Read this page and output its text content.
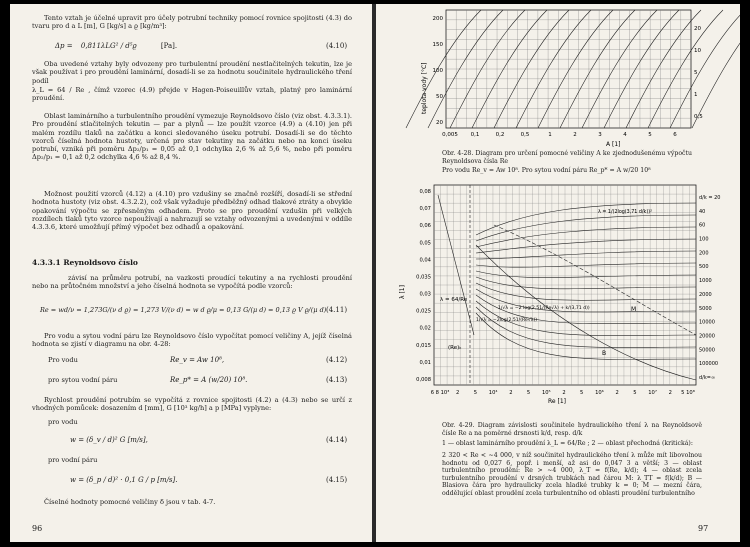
Tento vztah je účelné upravit pro účely potrubní techniky pomocí rovnice spojitosti (4.3) do tvaru pro d a L [m], G [kg/s] a ϱ [kg/m³]:
Δp = 0,811λLG² / d⁵ϱ	[Pa].	(4.10)
Oba uvedené vztahy byly odvozeny pro turbulentní proudění nestlačitelných tekutin, lze je však používat i pro proudění laminární, dosadí-li se za hodnotu součinitele hydraulického tření podíl
λ_L = 64 / Re , čímž vzorec (4.9) přejde v Hagen-Poiseuillův vztah, platný pro laminární proudění.
Oblast laminárního a turbulentního proudění vymezuje Reynoldsovo číslo (viz obst. 4.3.3.1). Pro proudění stlačitelných tekutin — par a plynů — lze použít vzorce (4.9) a (4.10) jen při malém rozdílu tlaků na začátku a konci sledovaného úseku potrubí. Dosadí-li se do těchto vzorců číselná hodnota hustoty, určená pro stav tekutiny na začátku nebo na konci úseku potrubí, vzniká při poměru Δp₂/p₁ = 0,05 až 0,1 odchylka 2,6 % až 5,6 %, nebo při poměru Δp₂/p₁ = 0,1 až 0,2 odchylka 4,6 % až 8,4 %.
Možnost použití vzorců (4.12) a (4.10) pro vzdušiny se značně rozšíří, dosadí-li se střední hodnota hustoty (viz obst. 4.3.2.2), což však vyžaduje předběžný odhad tlakové ztráty a obvykle opakování výpočtu se zpřesněným odhadem. Proto se pro proudění vzdušin při velkých rozdílech tlaků tyto vzorce nepoužívají a nahrazují se vztahy odvozenými a uvedenými v oddíle 4.3.3.6, které umožňují přímý výpočet bez odhadů a opakování.
4.3.3.1 Reynoldsovo číslo
závisí na průměru potrubí, na vazkosti proudící tekutiny a na rychlosti proudění nebo na průtočném množství a jeho číselná hodnota se vypočítá podle vzorců:
Re = wd/ν = 1,273G/(ν d ϱ) = 1,273 V/(ν d) = w d ϱ/μ = 0,13 G/(μ d) = 0,13 ϱ V ϱ/(μ d) (4.11)
Pro vodu a sytou vodní páru lze Reynoldsovo číslo vypočítat pomocí veličiny A, jejíž číselná hodnota se zjistí v diagramu na obr. 4-28:
Pro vodu	Re_v = Aw 10⁸,	(4.12)
pro sytou vodní páru	Re_p* = A (w/20) 10⁸.	(4.13)
Rychlost proudění potrubím se vypočítá z rovnice spojitosti (4.2) a (4.3) nebo se určí z vhodných pomůcek: dosazením d [mm], G [10³ kg/h] a p [MPa] vyplyne:
pro vodu
w = (δ_v / d)² G [m/s],	(4.14)
pro vodní páru
w = (δ_p / d)² · 0,1 G / p [m/s].	(4.15)
Číselné hodnoty pomocné veličiny δ jsou v tab. 4-7.
96
teplota vody [°C]
200
150
100
50
20
0,005 0,1	0,2	0,5	1	2	3	4	5	6
20
10
5
1
0,5
A [1]
Obr. 4-28. Diagram pro určení pomocné veličiny A ke zjednodušenému výpočtu Reynoldsova čísla Re
Pro vodu Re_v = Aw 10⁸. Pro sytou vodní páru Re_p* = A w/20 10⁸
λ [1]
0,08
0,07
0,06
0,05
0,04
0,035
0,03
0,025
0,02
0,015
0,01
0,008
6 8 10³ 2	5 10⁴ 2	5 10⁵ 2	5 10⁶ 2	5 10⁷ 2 5 10⁸
d/k = 20
40
60
100
200
500
1000
2000
5000
10000
20000
50000
100000
d/k=∞
Re [1]
λ = 64/Re
1/√λ = −2 log(2,51/(Re√λ) + k/(3,71 d))
1/√λ = −2log(2,51/(Re√λ))
λ = 1/(2log(3,71 d/k))²
M
B
(Re)ₖ
Obr. 4-29. Diagram závislosti součinitele hydraulického tření λ na Reynoldsově čísle Re a na poměrné drsnosti k/d, resp. d/k
1 — oblast laminárního proudění λ_L = 64/Re ; 2 — oblast přechodná (kritická):
2 320 < Re < ~4 000, v níž součinitel hydraulického tření λ může mít libovolnou hodnotu od 0,027 6, popř. i menší, až asi do 0,047 3 a větší; 3 — oblast turbulentního proudění: Re > ~4 000, λ_T = f(Re, k/d); 4 — oblast zcela turbulentního proudění v drsných trubkách nad čárou M: λ_TT = f(k/d); B — Blasiova čára pro hydraulicky zcela hladké trubky k = 0; M — mezní čára, oddělující oblast proudění zcela turbulentního od oblasti proudění turbulentního
97
